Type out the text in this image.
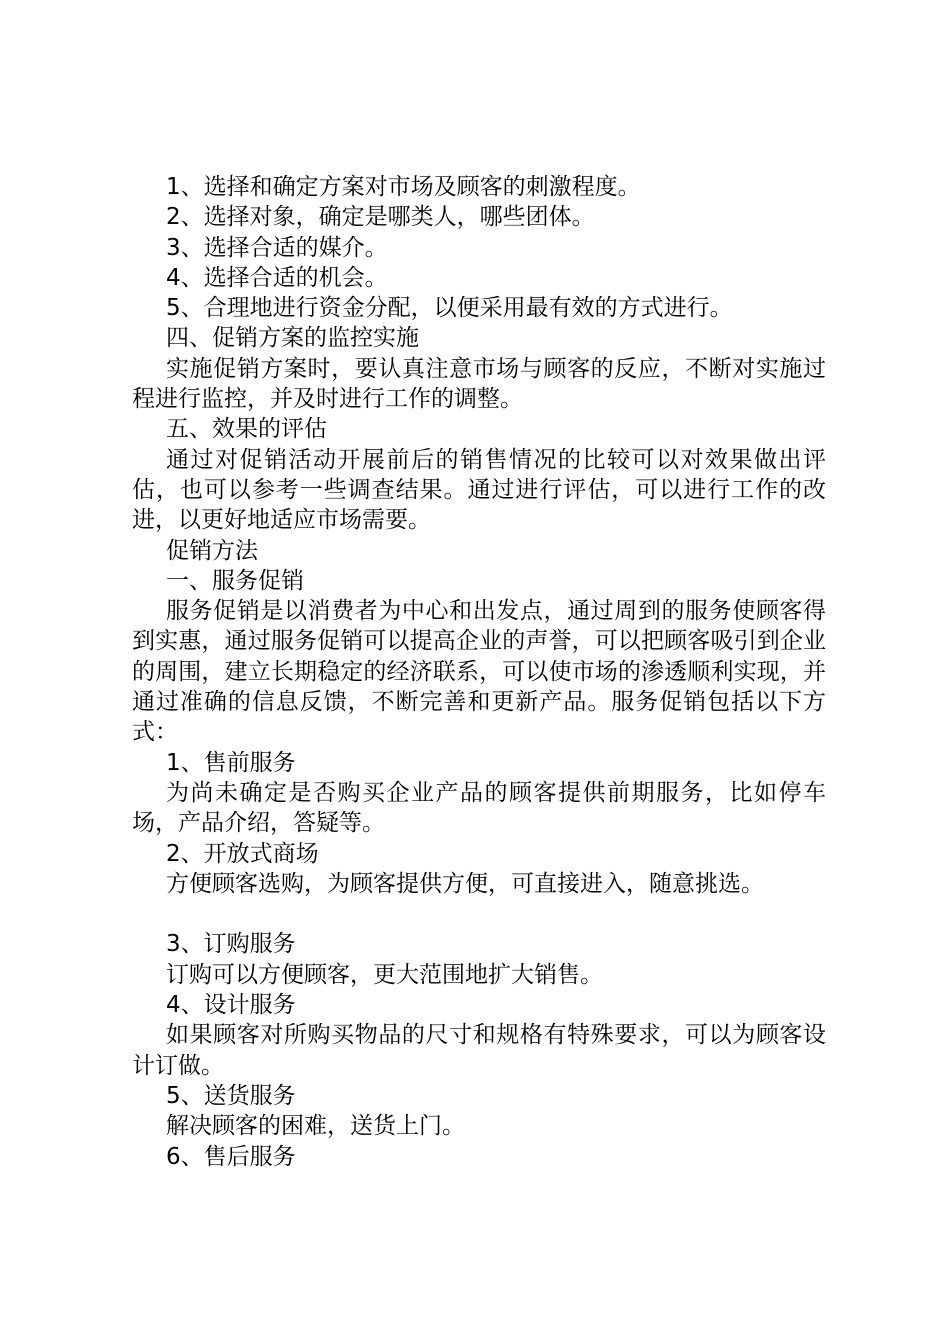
1、选择和确定方案对市场及顾客的刺激程度。

2、选择对象，确定是哪类人，哪些团体。

3、选择合适的媒介。

4、选择合适的机会。

5、合理地进行资金分配，以便采用最有效的方式进行。

四、促销方案的监控实施

实施促销方案时，要认真注意市场与顾客的反应，不断对实施过程进行监控，并及时进行工作的调整。

五、效果的评估

通过对促销活动开展前后的销售情况的比较可以对效果做出评估，也可以参考一些调查结果。通过进行评估，可以进行工作的改进，以更好地适应市场需要。

促销方法

一、服务促销

服务促销是以消费者为中心和出发点，通过周到的服务使顾客得到实惠，通过服务促销可以提高企业的声誉，可以把顾客吸引到企业的周围，建立长期稳定的经济联系，可以使市场的渗透顺利实现，并通过准确的信息反馈，不断完善和更新产品。服务促销包括以下方式：

1、售前服务

为尚未确定是否购买企业产品的顾客提供前期服务，比如停车场，产品介绍，答疑等。

2、开放式商场

方便顾客选购，为顾客提供方便，可直接进入，随意挑选。

3、订购服务

订购可以方便顾客，更大范围地扩大销售。

4、设计服务

如果顾客对所购买物品的尺寸和规格有特殊要求，可以为顾客设计订做。

5、送货服务

解决顾客的困难，送货上门。

6、售后服务
